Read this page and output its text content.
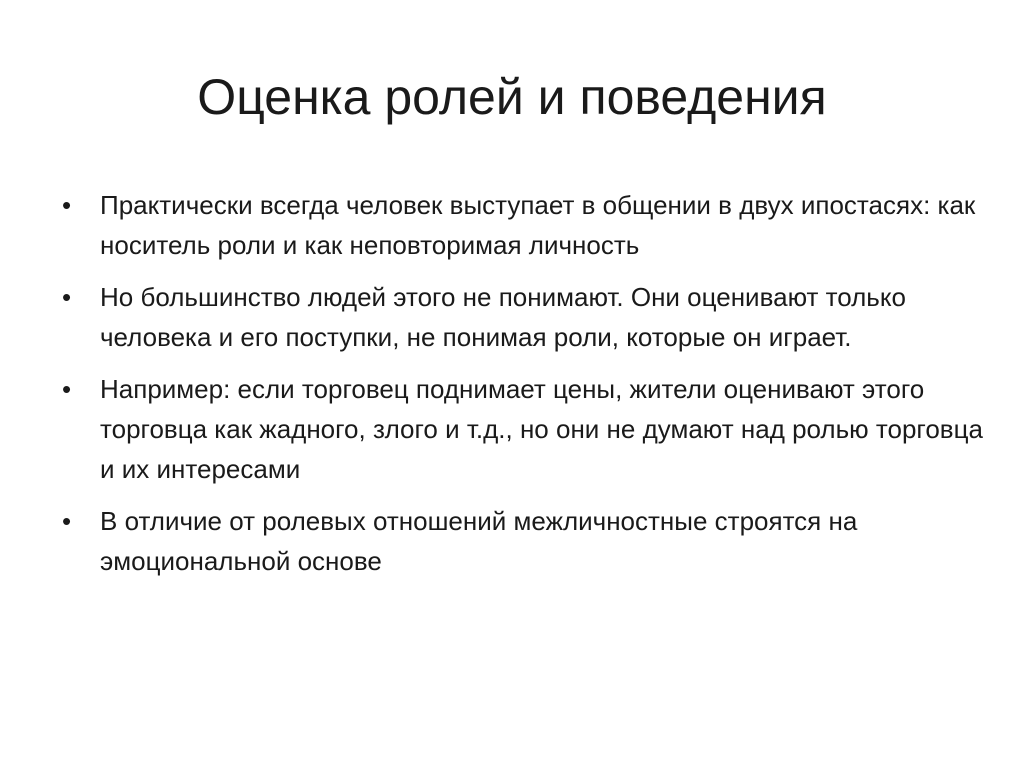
Оценка ролей и поведения
• Практически всегда человек выступает в общении в двух ипостасях: как носитель роли и как неповторимая личность
• Но большинство людей этого не понимают. Они оценивают только человека и его поступки, не понимая роли, которые он играет.
• Например: если торговец поднимает цены, жители оценивают этого торговца как жадного, злого и т.д., но они не думают над ролью торговца и их интересами
• В отличие от ролевых отношений межличностные строятся на эмоциональной основе
